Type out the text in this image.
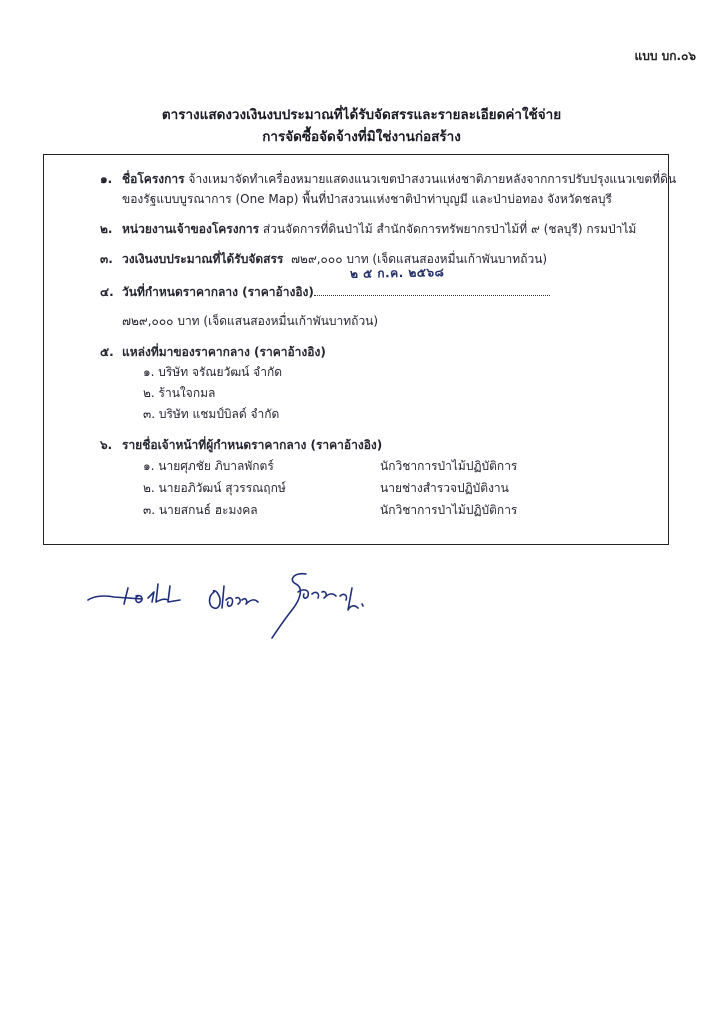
แบบ บก.๐๖
ตารางแสดงวงเงินงบประมาณที่ได้รับจัดสรรและรายละเอียดค่าใช้จ่าย
การจัดซื้อจัดจ้างที่มิใช่งานก่อสร้าง
๑. ชื่อโครงการ จ้างเหมาจัดทำเครื่องหมายแสดงแนวเขตป่าสงวนแห่งชาติภายหลังจากการปรับปรุงแนวเขตที่ดิน
ของรัฐแบบบูรณาการ (One Map) พื้นที่ป่าสงวนแห่งชาติป่าท่าบุญมี และป่าบ่อทอง จังหวัดชลบุรี
๒. หน่วยงานเจ้าของโครงการ ส่วนจัดการที่ดินป่าไม้ สำนักจัดการทรัพยากรป่าไม้ที่ ๙ (ชลบุรี) กรมป่าไม้
๓. วงเงินงบประมาณที่ได้รับจัดสรร ๗๒๙,๐๐๐ บาท (เจ็ดแสนสองหมื่นเก้าพันบาทถ้วน)
๒ ๕ ก.ค. ๒๕๖๘
๔. วันที่กำหนดราคากลาง (ราคาอ้างอิง)
๗๒๙,๐๐๐ บาท (เจ็ดแสนสองหมื่นเก้าพันบาทถ้วน)
๕. แหล่งที่มาของราคากลาง (ราคาอ้างอิง)
๑. บริษัท จรัณยวัฒน์ จำกัด
๒. ร้านใจกมล
๓. บริษัท แชมป์บิลด์ จำกัด
๖. รายชื่อเจ้าหน้าที่ผู้กำหนดราคากลาง (ราคาอ้างอิง)
๑. นายศุภชัย ภิบาลพักตร์	นักวิชาการป่าไม้ปฏิบัติการ
๒. นายอภิวัฒน์ สุวรรณฤกษ์	นายช่างสำรวจปฏิบัติงาน
๓. นายสกนธ์ ฮะมงคล	นักวิชาการป่าไม้ปฏิบัติการ
